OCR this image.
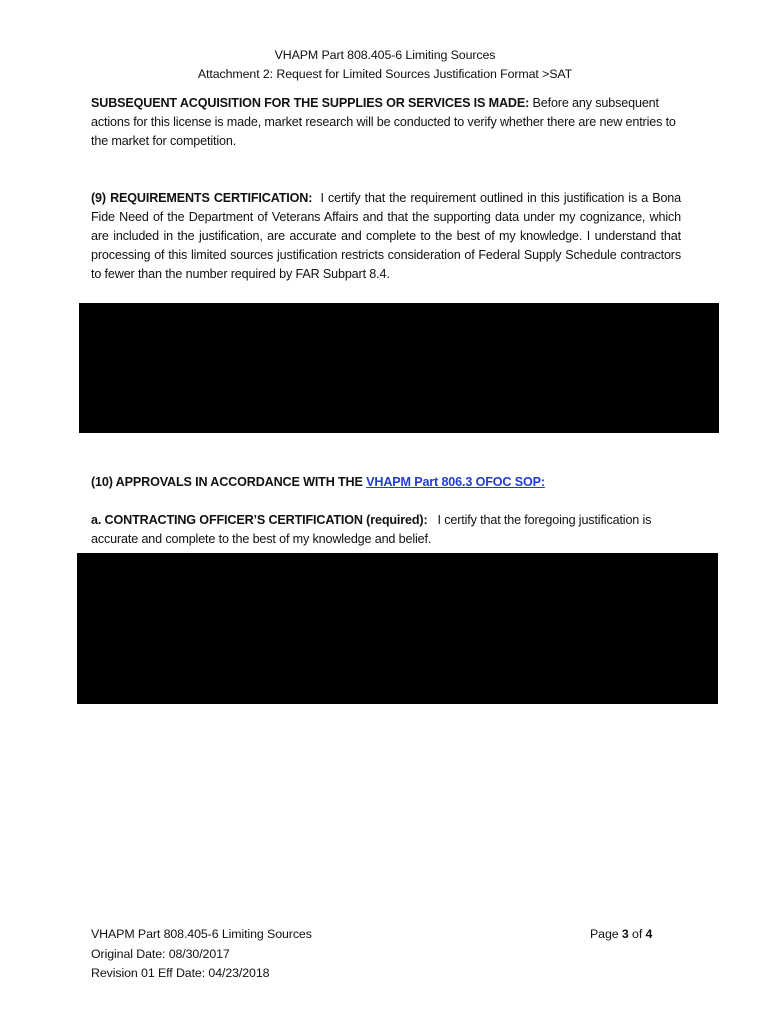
VHAPM Part 808.405-6 Limiting Sources
Attachment 2: Request for Limited Sources Justification Format >SAT
SUBSEQUENT ACQUISITION FOR THE SUPPLIES OR SERVICES IS MADE: Before any subsequent actions for this license is made, market research will be conducted to verify whether there are new entries to the market for competition.
(9) REQUIREMENTS CERTIFICATION: I certify that the requirement outlined in this justification is a Bona Fide Need of the Department of Veterans Affairs and that the supporting data under my cognizance, which are included in the justification, are accurate and complete to the best of my knowledge. I understand that processing of this limited sources justification restricts consideration of Federal Supply Schedule contractors to fewer than the number required by FAR Subpart 8.4.
(10) APPROVALS IN ACCORDANCE WITH THE VHAPM Part 806.3 OFOC SOP:
a. CONTRACTING OFFICER’S CERTIFICATION (required): I certify that the foregoing justification is accurate and complete to the best of my knowledge and belief.
VHAPM Part 808.405-6 Limiting Sources
Original Date: 08/30/2017
Revision 01 Eff Date: 04/23/2018
Page 3 of 4
